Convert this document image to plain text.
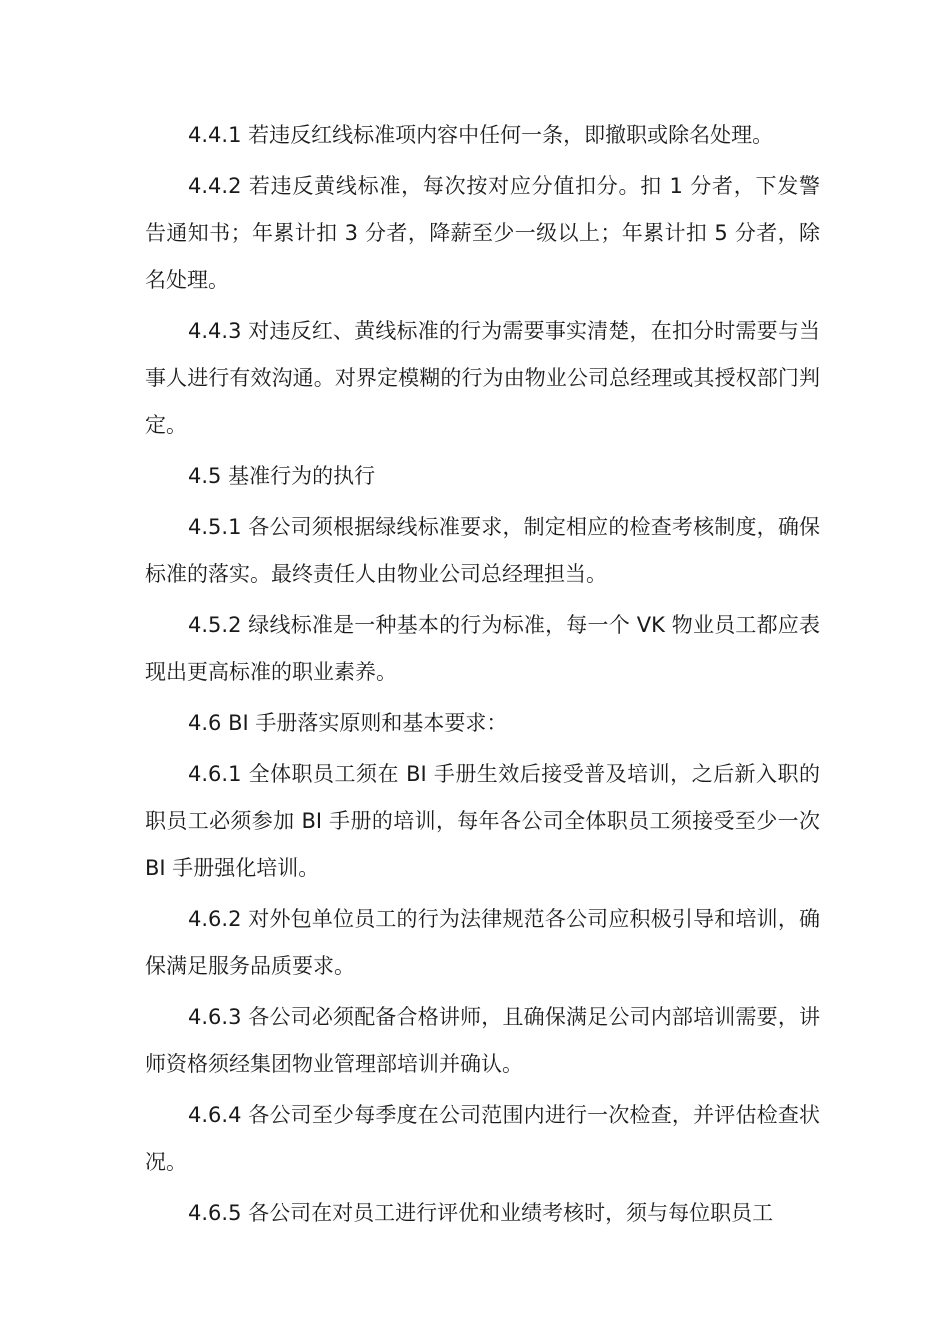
4.4.1 若违反红线标准项内容中任何一条，即撤职或除名处理。

4.4.2 若违反黄线标准，每次按对应分值扣分。扣 1 分者，下发警告通知书；年累计扣 3 分者，降薪至少一级以上；年累计扣 5 分者，除名处理。

4.4.3 对违反红、黄线标准的行为需要事实清楚，在扣分时需要与当事人进行有效沟通。对界定模糊的行为由物业公司总经理或其授权部门判定。

4.5 基准行为的执行

4.5.1 各公司须根据绿线标准要求，制定相应的检查考核制度，确保标准的落实。最终责任人由物业公司总经理担当。

4.5.2 绿线标准是一种基本的行为标准，每一个 VK 物业员工都应表现出更高标准的职业素养。

4.6 BI 手册落实原则和基本要求：

4.6.1 全体职员工须在 BI 手册生效后接受普及培训，之后新入职的职员工必须参加 BI 手册的培训，每年各公司全体职员工须接受至少一次 BI 手册强化培训。

4.6.2 对外包单位员工的行为法律规范各公司应积极引导和培训，确保满足服务品质要求。

4.6.3 各公司必须配备合格讲师，且确保满足公司内部培训需要，讲师资格须经集团物业管理部培训并确认。

4.6.4 各公司至少每季度在公司范围内进行一次检查，并评估检查状况。

4.6.5 各公司在对员工进行评优和业绩考核时，须与每位职员工
